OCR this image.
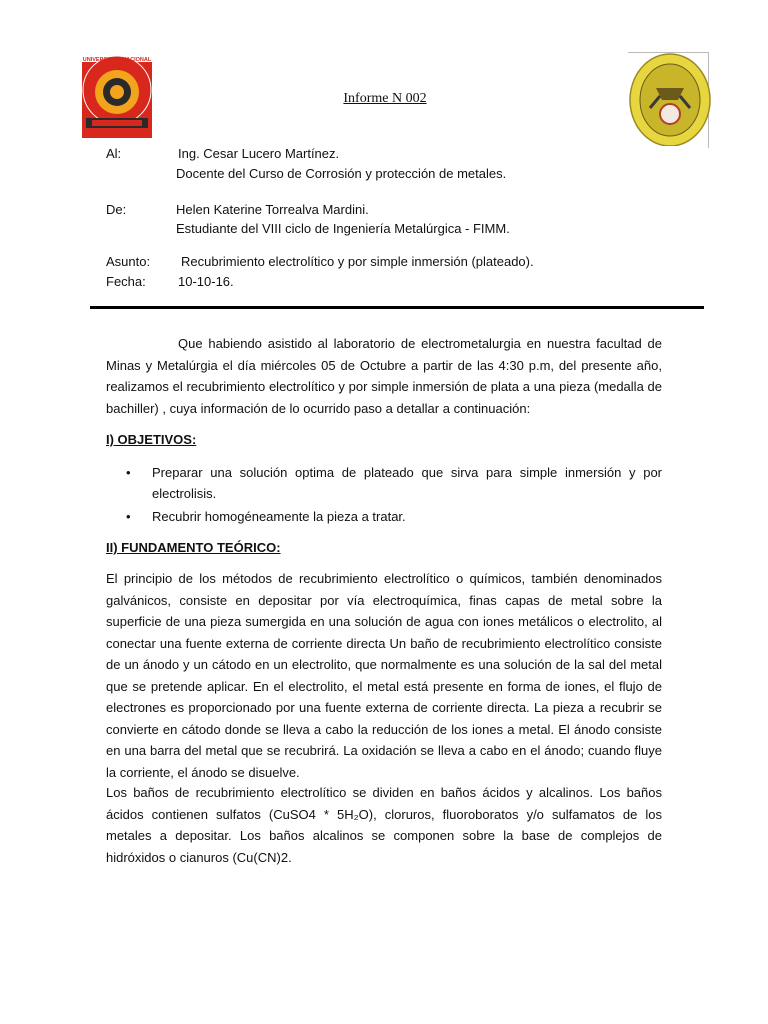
UNIVERSIDAD NACIONAL
Informe N 002
Al:	Ing. Cesar Lucero Martínez.
Docente del Curso de Corrosión y protección de metales.
De:	Helen Katerine Torrealva Mardini.
Estudiante del VIII ciclo de Ingeniería Metalúrgica - FIMM.
Asunto: Recubrimiento electrolítico y por simple inmersión (plateado).
Fecha: 10-10-16.
Que habiendo asistido al laboratorio de electrometalurgia en nuestra facultad de Minas y Metalúrgia el día miércoles 05 de Octubre a partir de las 4:30 p.m, del presente año, realizamos el recubrimiento electrolítico y por simple inmersión de plata a una pieza (medalla de bachiller) , cuya información de lo ocurrido paso a detallar a continuación:
I) OBJETIVOS:
• Preparar una solución optima de plateado que sirva para simple inmersión y por electrolisis.
• Recubrir homogéneamente la pieza a tratar.
II) FUNDAMENTO TEÓRICO:
El principio de los métodos de recubrimiento electrolítico o químicos, también denominados galvánicos, consiste en depositar por vía electroquímica, finas capas de metal sobre la superficie de una pieza sumergida en una solución de agua con iones metálicos o electrolito, al conectar una fuente externa de corriente directa Un baño de recubrimiento electrolítico consiste de un ánodo y un cátodo en un electrolito, que normalmente es una solución de la sal del metal que se pretende aplicar. En el electrolito, el metal está presente en forma de iones, el flujo de electrones es proporcionado por una fuente externa de corriente directa. La pieza a recubrir se convierte en cátodo donde se lleva a cabo la reducción de los iones a metal. El ánodo consiste en una barra del metal que se recubrirá. La oxidación se lleva a cabo en el ánodo; cuando fluye la corriente, el ánodo se disuelve.
Los baños de recubrimiento electrolítico se dividen en baños ácidos y alcalinos. Los baños ácidos contienen sulfatos (CuSO4 * 5H₂O), cloruros, fluoroboratos y/o sulfamatos de los metales a depositar. Los baños alcalinos se componen sobre la base de complejos de hidróxidos o cianuros (Cu(CN)2.
